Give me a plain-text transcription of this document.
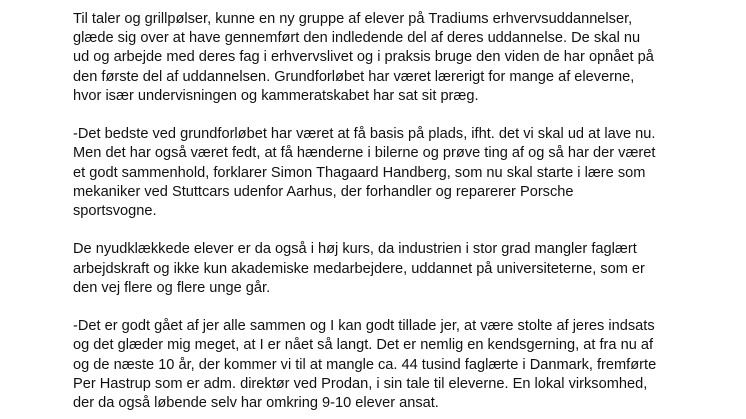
Til taler og grillpølser, kunne en ny gruppe af elever på Tradiums erhvervsuddannelser,
glæde sig over at have gennemført den indledende del af deres uddannelse. De skal nu
ud og arbejde med deres fag i erhvervslivet og i praksis bruge den viden de har opnået på
den første del af uddannelsen. Grundforløbet har været lærerigt for mange af eleverne,
hvor især undervisningen og kammeratskabet har sat sit præg.

-Det bedste ved grundforløbet har været at få basis på plads, ifht. det vi skal ud at lave nu.
Men det har også været fedt, at få hænderne i bilerne og prøve ting af og så har der været
et godt sammenhold, forklarer Simon Thagaard Handberg, som nu skal starte i lære som
mekaniker ved Stuttcars udenfor Aarhus, der forhandler og reparerer Porsche
sportsvogne.

De nyudklækkede elever er da også i høj kurs, da industrien i stor grad mangler faglært
arbejdskraft og ikke kun akademiske medarbejdere, uddannet på universiteterne, som er
den vej flere og flere unge går.

-Det er godt gået af jer alle sammen og I kan godt tillade jer, at være stolte af jeres indsats
og det glæder mig meget, at I er nået så langt. Det er nemlig en kendsgerning, at fra nu af
og de næste 10 år, der kommer vi til at mangle ca. 44 tusind faglærte i Danmark, fremførte
Per Hastrup som er adm. direktør ved Prodan, i sin tale til eleverne. En lokal virksomhed,
der da også løbende selv har omkring 9-10 elever ansat.
